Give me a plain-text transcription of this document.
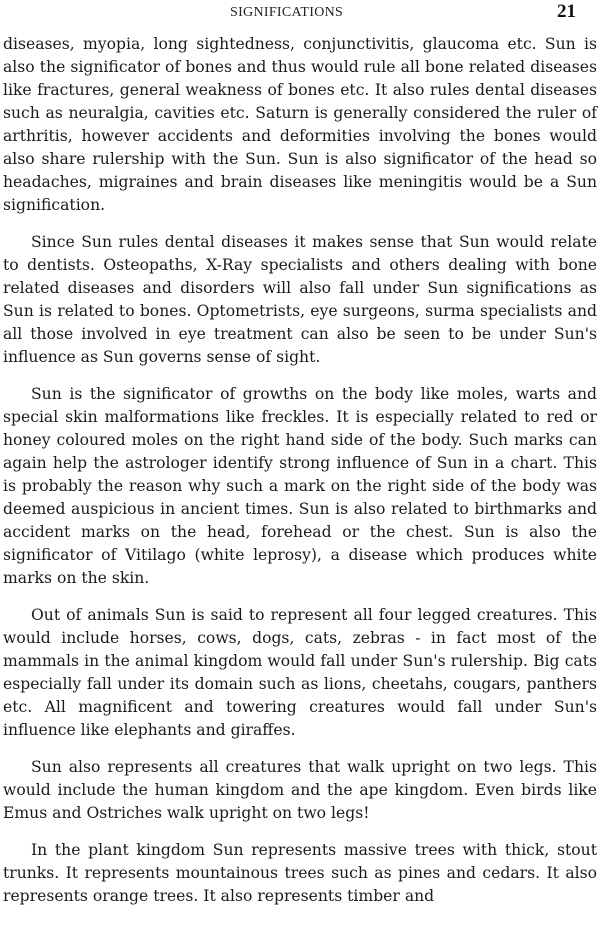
SIGNIFICATIONS	21

diseases, myopia, long sightedness, conjunctivitis, glaucoma etc. Sun is also the significator of bones and thus would rule all bone related diseases like fractures, general weakness of bones etc. It also rules dental diseases such as neuralgia, cavities etc. Saturn is generally considered the ruler of arthritis, however accidents and deformities involving the bones would also share rulership with the Sun. Sun is also significator of the head so headaches, migraines and brain diseases like meningitis would be a Sun signification.

Since Sun rules dental diseases it makes sense that Sun would relate to dentists. Osteopaths, X-Ray specialists and others dealing with bone related diseases and disorders will also fall under Sun significations as Sun is related to bones. Optometrists, eye surgeons, surma specialists and all those involved in eye treatment can also be seen to be under Sun's influence as Sun governs sense of sight.

Sun is the significator of growths on the body like moles, warts and special skin malformations like freckles. It is especially related to red or honey coloured moles on the right hand side of the body. Such marks can again help the astrologer identify strong influence of Sun in a chart. This is probably the reason why such a mark on the right side of the body was deemed auspicious in ancient times. Sun is also related to birthmarks and accident marks on the head, forehead or the chest. Sun is also the significator of Vitilago (white leprosy), a disease which produces white marks on the skin.

Out of animals Sun is said to represent all four legged creatures. This would include horses, cows, dogs, cats, zebras - in fact most of the mammals in the animal kingdom would fall under Sun's rulership. Big cats especially fall under its domain such as lions, cheetahs, cougars, panthers etc. All magnificent and towering creatures would fall under Sun's influence like elephants and giraffes.

Sun also represents all creatures that walk upright on two legs. This would include the human kingdom and the ape kingdom. Even birds like Emus and Ostriches walk upright on two legs!

In the plant kingdom Sun represents massive trees with thick, stout trunks. It represents mountainous trees such as pines and cedars. It also represents orange trees. It also represents timber and
